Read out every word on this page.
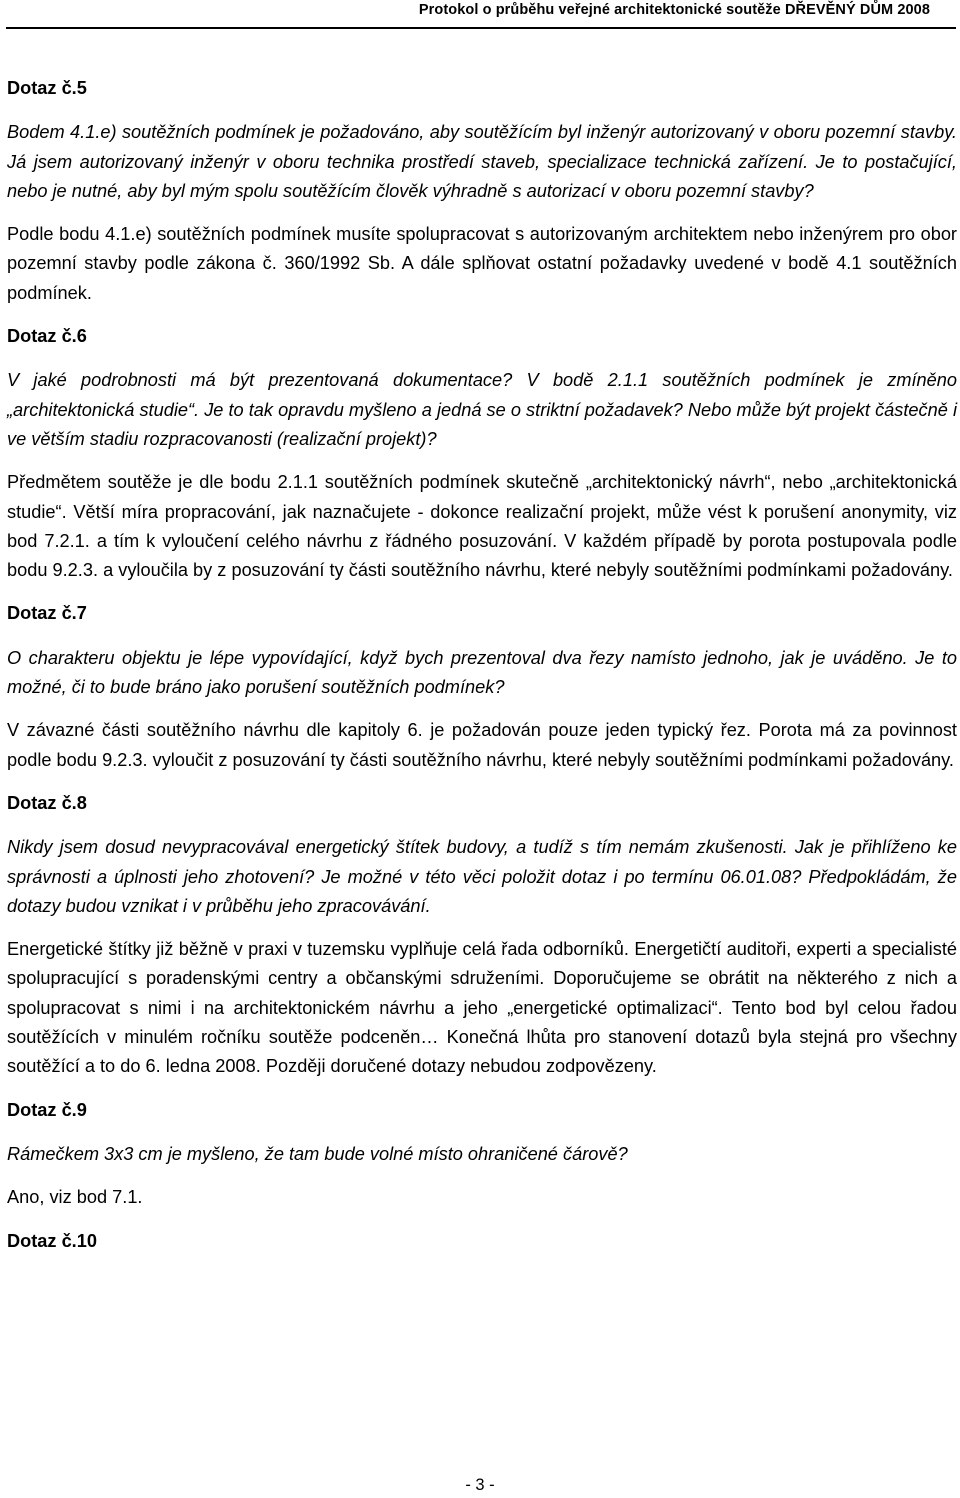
Protokol o průběhu veřejné architektonické soutěže DŘEVĚNÝ DŮM 2008
Dotaz č.5

Bodem 4.1.e) soutěžních podmínek je požadováno, aby soutěžícím byl inženýr autorizovaný v oboru pozemní stavby. Já jsem autorizovaný inženýr v oboru technika prostředí staveb, specializace technická zařízení. Je to postačující, nebo je nutné, aby byl mým spolu soutěžícím člověk výhradně s autorizací v oboru pozemní stavby?

Podle bodu 4.1.e) soutěžních podmínek musíte spolupracovat s autorizovaným architektem nebo inženýrem pro obor pozemní stavby podle zákona č. 360/1992 Sb. A dále splňovat ostatní požadavky uvedené v bodě 4.1 soutěžních podmínek.

Dotaz č.6

V jaké podrobnosti má být prezentovaná dokumentace? V bodě 2.1.1 soutěžních podmínek je zmíněno „architektonická studie“. Je to tak opravdu myšleno a jedná se o striktní požadavek? Nebo může být projekt částečně i ve větším stadiu rozpracovanosti (realizační projekt)?

Předmětem soutěže je dle bodu 2.1.1 soutěžních podmínek skutečně „architektonický návrh“, nebo „architektonická studie“. Větší míra propracování, jak naznačujete - dokonce realizační projekt, může vést k porušení anonymity, viz bod 7.2.1. a tím k vyloučení celého návrhu z řádného posuzování. V každém případě by porota postupovala podle bodu 9.2.3. a vyloučila by z posuzování ty části soutěžního návrhu, které nebyly soutěžními podmínkami požadovány.

Dotaz č.7

O charakteru objektu je lépe vypovídající, když bych prezentoval dva řezy namísto jednoho, jak je uváděno. Je to možné, či to bude bráno jako porušení soutěžních podmínek?

V závazné části soutěžního návrhu dle kapitoly 6. je požadován pouze jeden typický řez. Porota má za povinnost podle bodu 9.2.3. vyloučit z posuzování ty části soutěžního návrhu, které nebyly soutěžními podmínkami požadovány.

Dotaz č.8

Nikdy jsem dosud nevypracovával energetický štítek budovy, a tudíž s tím nemám zkušenosti. Jak je přihlíženo ke správnosti a úplnosti jeho zhotovení? Je možné v této věci položit dotaz i po termínu 06.01.08? Předpokládám, že dotazy budou vznikat i v průběhu jeho zpracovávání.

Energetické štítky již běžně v praxi v tuzemsku vyplňuje celá řada odborníků. Energetičtí auditoři, experti a specialisté spolupracující s poradenskými centry a občanskými sdruženími. Doporučujeme se obrátit na některého z nich a spolupracovat s nimi i na architektonickém návrhu a jeho „energetické optimalizaci“. Tento bod byl celou řadou soutěžících v minulém ročníku soutěže podceněn… Konečná lhůta pro stanovení dotazů byla stejná pro všechny soutěžící a to do 6. ledna 2008. Později doručené dotazy nebudou zodpovězeny.

Dotaz č.9

Rámečkem 3x3 cm je myšleno, že tam bude volné místo ohraničené čárově?

Ano, viz bod 7.1.

Dotaz č.10
- 3 -
